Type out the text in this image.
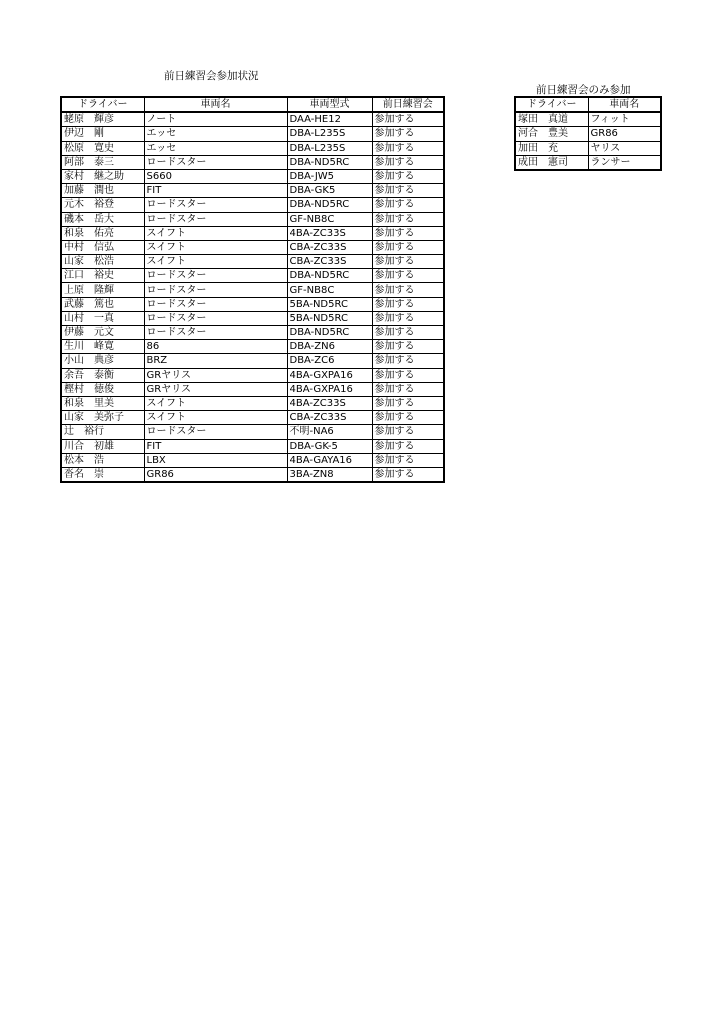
前日練習会参加状況
ドライバー	車両名	車両型式	前日練習会
蛯原　輝彦	ノート	DAA-HE12	参加する
伊辺　剛	エッセ	DBA-L235S	参加する
松原　寛史	エッセ	DBA-L235S	参加する
阿部　泰三	ロードスター	DBA-ND5RC	参加する
家村　継之助	S660	DBA-JW5	参加する
加藤　潤也	FIT	DBA-GK5	参加する
元木　裕登	ロードスター	DBA-ND5RC	参加する
磯本　岳大	ロードスター	GF-NB8C	参加する
和泉　佑亮	スイフト	4BA-ZC33S	参加する
中村　信弘	スイフト	CBA-ZC33S	参加する
山家　松浩	スイフト	CBA-ZC33S	参加する
江口　裕史	ロードスター	DBA-ND5RC	参加する
上原　隆輝	ロードスター	GF-NB8C	参加する
武藤　篤也	ロードスター	5BA-ND5RC	参加する
山村　一真	ロードスター	5BA-ND5RC	参加する
伊藤　元文	ロードスター	DBA-ND5RC	参加する
生川　峰寛	86	DBA-ZN6	参加する
小山　典彦	BRZ	DBA-ZC6	参加する
余吾　泰衡	GRヤリス	4BA-GXPA16	参加する
樫村　徳俊	GRヤリス	4BA-GXPA16	参加する
和泉　里美	スイフト	4BA-ZC33S	参加する
山家　美弥子	スイフト	CBA-ZC33S	参加する
辻　裕行	ロードスター	不明-NA6	参加する
川合　初雄	FIT	DBA-GK-5	参加する
松本　浩	LBX	4BA-GAYA16	参加する
沓名　崇	GR86	3BA-ZN8	参加する
前日練習会のみ参加
ドライバー	車両名
塚田　真道	フィット
河合　豊美	GR86
加田　充	ヤリス
成田　憲司	ランサー
